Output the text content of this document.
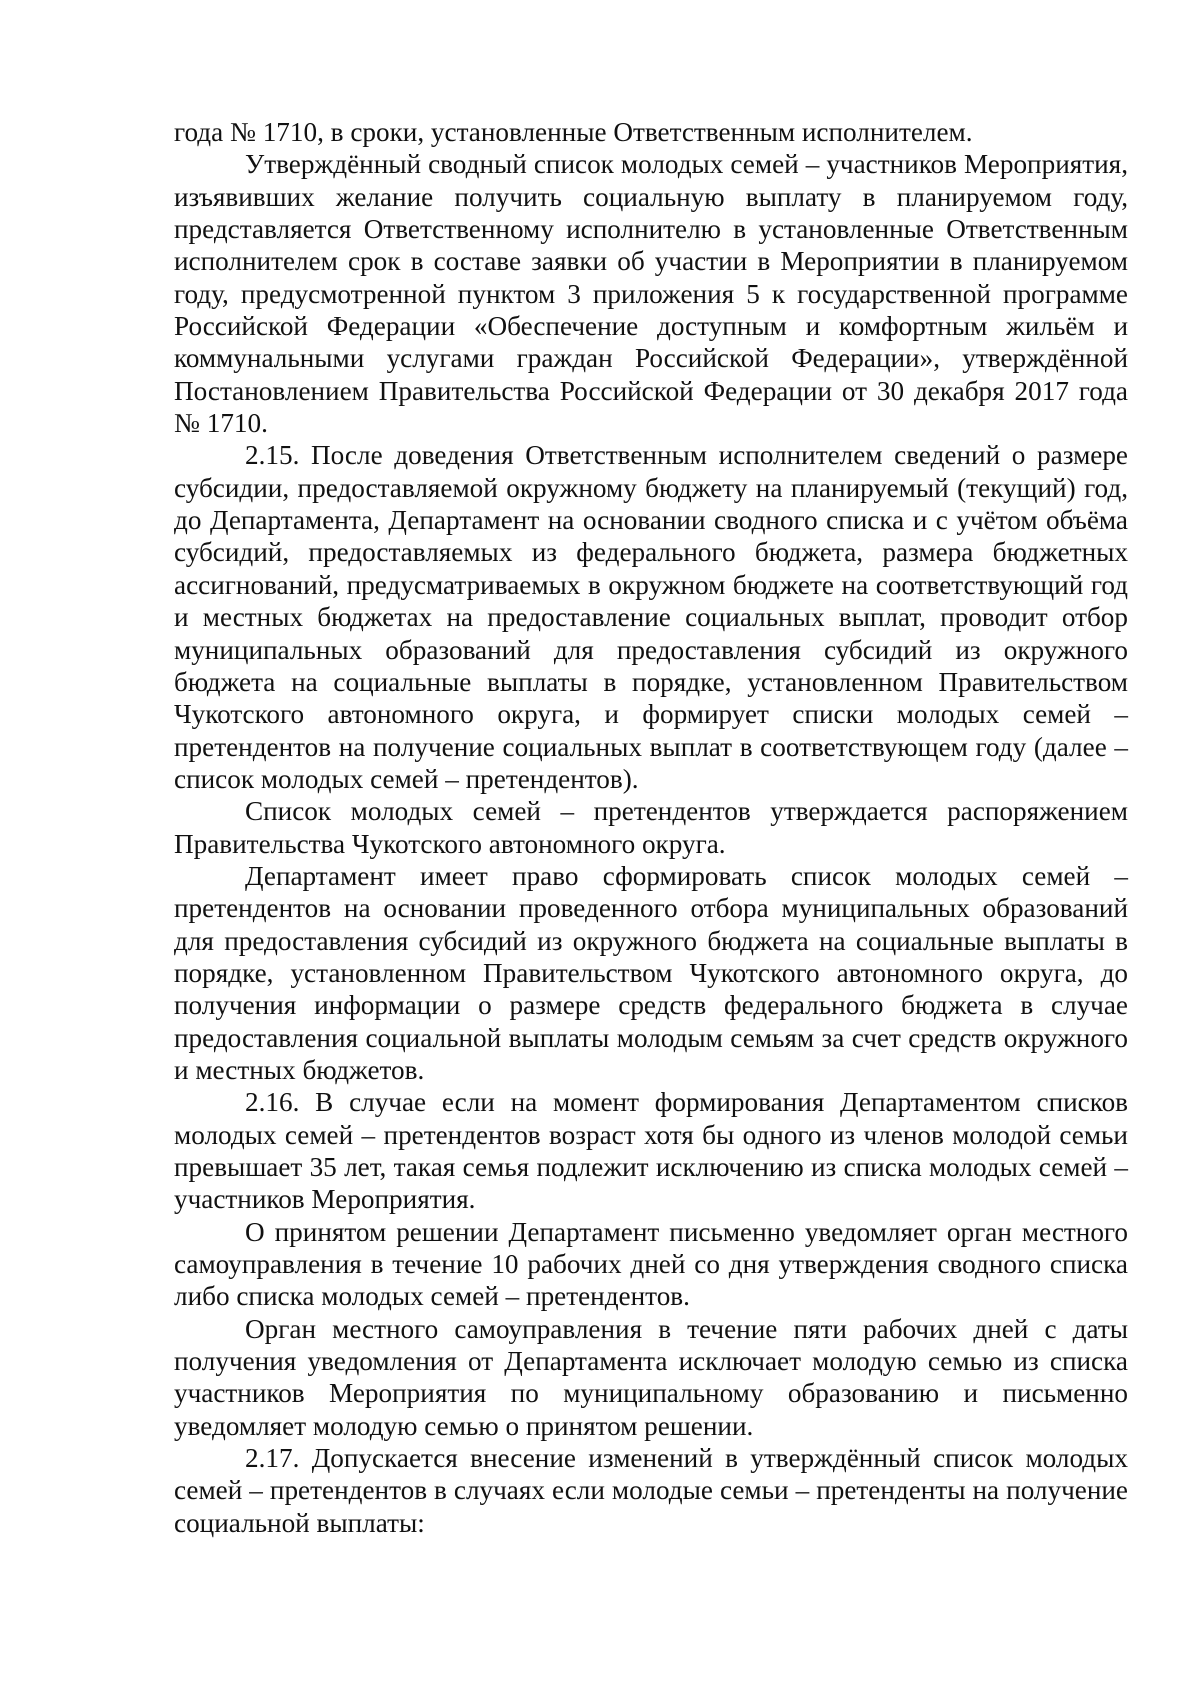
года № 1710, в сроки, установленные Ответственным исполнителем.

Утверждённый сводный список молодых семей – участников Мероприятия, изъявивших желание получить социальную выплату в планируемом году, представляется Ответственному исполнителю в установленные Ответственным исполнителем срок в составе заявки об участии в Мероприятии в планируемом году, предусмотренной пунктом 3 приложения 5 к государственной программе Российской Федерации «Обеспечение доступным и комфортным жильём и коммунальными услугами граждан Российской Федерации», утверждённой Постановлением Правительства Российской Федерации от 30 декабря 2017 года № 1710.

2.15. После доведения Ответственным исполнителем сведений о размере субсидии, предоставляемой окружному бюджету на планируемый (текущий) год, до Департамента, Департамент на основании сводного списка и с учётом объёма субсидий, предоставляемых из федерального бюджета, размера бюджетных ассигнований, предусматриваемых в окружном бюджете на соответствующий год и местных бюджетах на предоставление социальных выплат, проводит отбор муниципальных образований для предоставления субсидий из окружного бюджета на социальные выплаты в порядке, установленном Правительством Чукотского автономного округа, и формирует списки молодых семей – претендентов на получение социальных выплат в соответствующем году (далее – список молодых семей – претендентов).

Список молодых семей – претендентов утверждается распоряжением Правительства Чукотского автономного округа.

Департамент имеет право сформировать список молодых семей – претендентов на основании проведенного отбора муниципальных образований для предоставления субсидий из окружного бюджета на социальные выплаты в порядке, установленном Правительством Чукотского автономного округа, до получения информации о размере средств федерального бюджета в случае предоставления социальной выплаты молодым семьям за счет средств окружного и местных бюджетов.

2.16. В случае если на момент формирования Департаментом списков молодых семей – претендентов возраст хотя бы одного из членов молодой семьи превышает 35 лет, такая семья подлежит исключению из списка молодых семей – участников Мероприятия.

О принятом решении Департамент письменно уведомляет орган местного самоуправления в течение 10 рабочих дней со дня утверждения сводного списка либо списка молодых семей – претендентов.

Орган местного самоуправления в течение пяти рабочих дней с даты получения уведомления от Департамента исключает молодую семью из списка участников Мероприятия по муниципальному образованию и письменно уведомляет молодую семью о принятом решении.

2.17. Допускается внесение изменений в утверждённый список молодых семей – претендентов в случаях если молодые семьи – претенденты на получение социальной выплаты:
